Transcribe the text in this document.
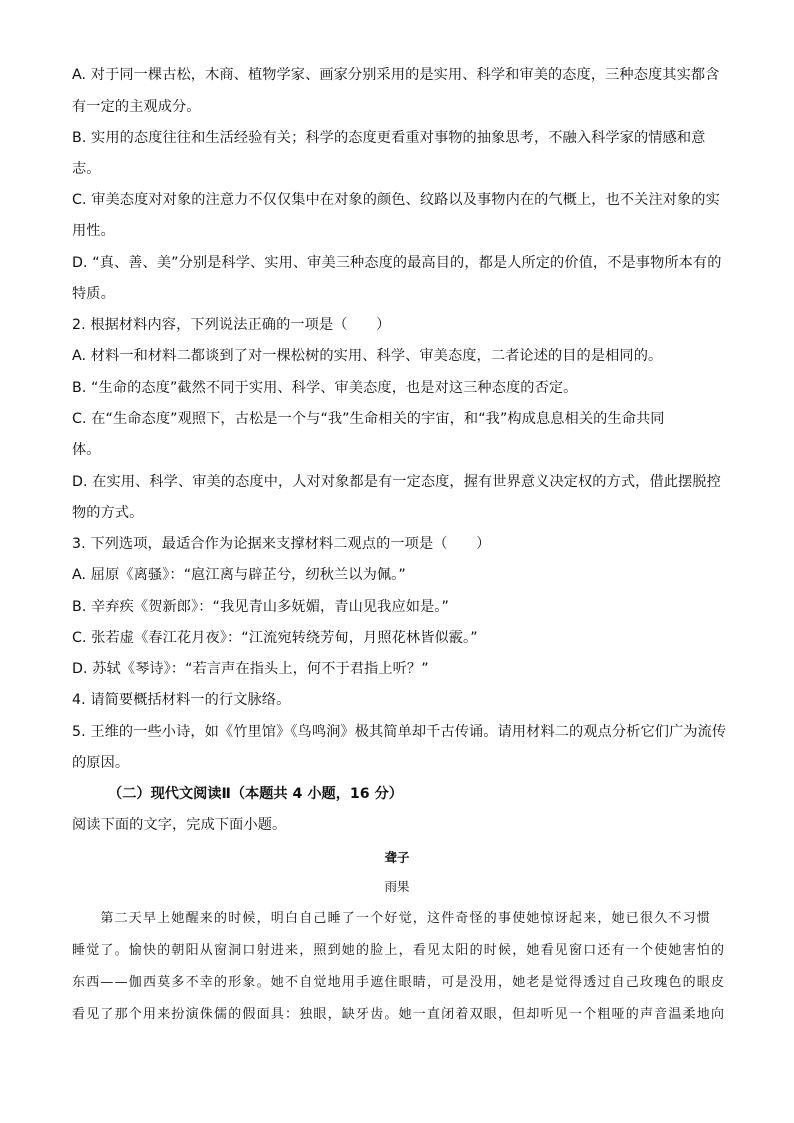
A. 对于同一棵古松，木商、植物学家、画家分别采用的是实用、科学和审美的态度，三种态度其实都含
有一定的主观成分。
B. 实用的态度往往和生活经验有关；科学的态度更看重对事物的抽象思考，不融入科学家的情感和意
志。
C. 审美态度对对象的注意力不仅仅集中在对象的颜色、纹路以及事物内在的气概上，也不关注对象的实
用性。
D. “真、善、美”分别是科学、实用、审美三种态度的最高目的，都是人所定的价值，不是事物所本有的
特质。
2. 根据材料内容，下列说法正确的一项是（　　）
A. 材料一和材料二都谈到了对一棵松树的实用、科学、审美态度，二者论述的目的是相同的。
B. “生命的态度”截然不同于实用、科学、审美态度，也是对这三种态度的否定。
C. 在“生命态度”观照下，古松是一个与“我”生命相关的宇宙，和“我”构成息息相关的生命共同
体。
D. 在实用、科学、审美的态度中，人对对象都是有一定态度，握有世界意义决定权的方式，借此摆脱控
物的方式。
3. 下列选项，最适合作为论据来支撑材料二观点的一项是（　　）
A. 屈原《离骚》：“扈江离与辟芷兮，纫秋兰以为佩。”
B. 辛弃疾《贺新郎》：“我见青山多妩媚，青山见我应如是。”
C. 张若虚《春江花月夜》：“江流宛转绕芳甸，月照花林皆似霰。”
D. 苏轼《琴诗》：“若言声在指头上，何不于君指上听？”
4. 请简要概括材料一的行文脉络。
5. 王维的一些小诗，如《竹里馆》《鸟鸣涧》极其简单却千古传诵。请用材料二的观点分析它们广为流传
的原因。
（二）现代文阅读Ⅱ（本题共 4 小题，16 分）
阅读下面的文字，完成下面小题。
聋子
雨果
　　第二天早上她醒来的时候，明白自己睡了一个好觉，这件奇怪的事使她惊讶起来，她已很久不习惯
睡觉了。愉快的朝阳从窗洞口射进来，照到她的脸上，看见太阳的时候，她看见窗口还有一个使她害怕的
东西——伽西莫多不幸的形象。她不自觉地用手遮住眼睛，可是没用，她老是觉得透过自己玫瑰色的眼皮
看见了那个用来扮演侏儒的假面具：独眼，缺牙齿。她一直闭着双眼，但却听见一个粗哑的声音温柔地向
